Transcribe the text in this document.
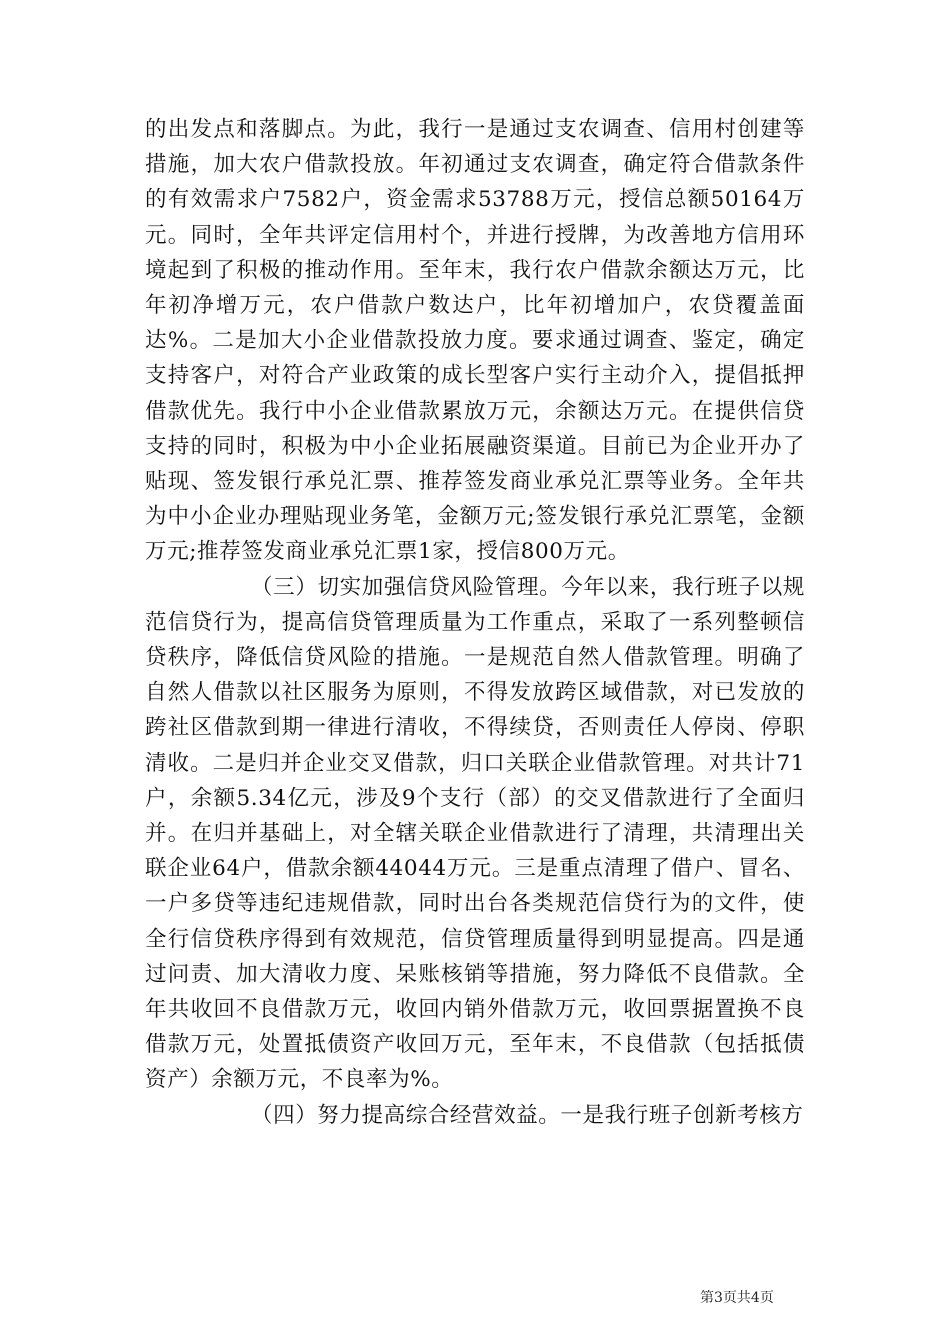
的出发点和落脚点。为此，我行一是通过支农调查、信用村创建等措施，加大农户借款投放。年初通过支农调查，确定符合借款条件的有效需求户7582户，资金需求53788万元，授信总额50164万元。同时，全年共评定信用村个，并进行授牌，为改善地方信用环境起到了积极的推动作用。至年末，我行农户借款余额达万元，比年初净增万元，农户借款户数达户，比年初增加户，农贷覆盖面达%。二是加大小企业借款投放力度。要求通过调查、鉴定，确定支持客户，对符合产业政策的成长型客户实行主动介入，提倡抵押借款优先。我行中小企业借款累放万元，余额达万元。在提供信贷支持的同时，积极为中小企业拓展融资渠道。目前已为企业开办了贴现、签发银行承兑汇票、推荐签发商业承兑汇票等业务。全年共为中小企业办理贴现业务笔，金额万元;签发银行承兑汇票笔，金额万元;推荐签发商业承兑汇票1家，授信800万元。

（三）切实加强信贷风险管理。今年以来，我行班子以规范信贷行为，提高信贷管理质量为工作重点，采取了一系列整顿信贷秩序，降低信贷风险的措施。一是规范自然人借款管理。明确了自然人借款以社区服务为原则，不得发放跨区域借款，对已发放的跨社区借款到期一律进行清收，不得续贷，否则责任人停岗、停职清收。二是归并企业交叉借款，归口关联企业借款管理。对共计71户，余额5.34亿元，涉及9个支行（部）的交叉借款进行了全面归并。在归并基础上，对全辖关联企业借款进行了清理，共清理出关联企业64户，借款余额44044万元。三是重点清理了借户、冒名、一户多贷等违纪违规借款，同时出台各类规范信贷行为的文件，使全行信贷秩序得到有效规范，信贷管理质量得到明显提高。四是通过问责、加大清收力度、呆账核销等措施，努力降低不良借款。全年共收回不良借款万元，收回内销外借款万元，收回票据置换不良借款万元，处置抵债资产收回万元，至年末，不良借款（包括抵债资产）余额万元，不良率为%。

（四）努力提高综合经营效益。一是我行班子创新考核方

第3页共4页
